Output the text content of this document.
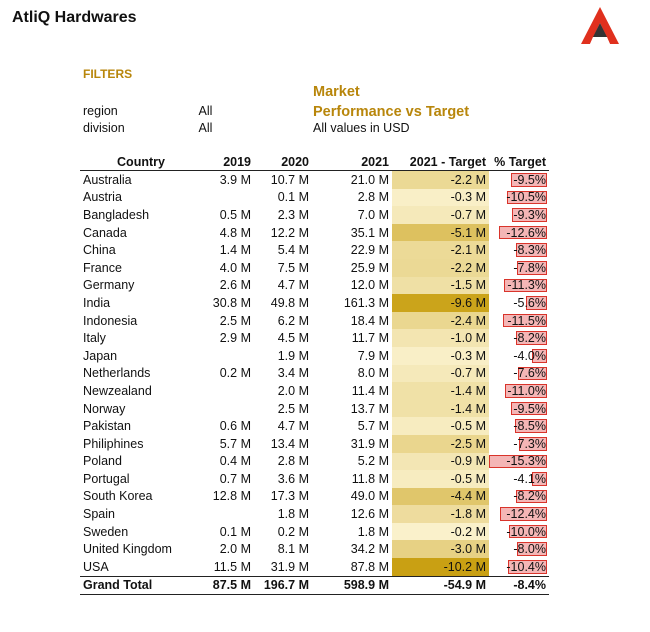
AtliQ Hardwares
FILTERS
region	All
division	All
Market
Performance vs Target
All values in USD
Country	2019	2020	2021	2021 - Target	% Target
Australia	3.9 M	10.7 M	21.0 M	-2.2 M	-9.5%
Austria		0.1 M	2.8 M	-0.3 M	-10.5%
Bangladesh	0.5 M	2.3 M	7.0 M	-0.7 M	-9.3%
Canada	4.8 M	12.2 M	35.1 M	-5.1 M	-12.6%
China	1.4 M	5.4 M	22.9 M	-2.1 M	-8.3%
France	4.0 M	7.5 M	25.9 M	-2.2 M	-7.8%
Germany	2.6 M	4.7 M	12.0 M	-1.5 M	-11.3%
India	30.8 M	49.8 M	161.3 M	-9.6 M	-5.6%
Indonesia	2.5 M	6.2 M	18.4 M	-2.4 M	-11.5%
Italy	2.9 M	4.5 M	11.7 M	-1.0 M	-8.2%
Japan		1.9 M	7.9 M	-0.3 M	-4.0%
Netherlands	0.2 M	3.4 M	8.0 M	-0.7 M	-7.6%
Newzealand		2.0 M	11.4 M	-1.4 M	-11.0%
Norway		2.5 M	13.7 M	-1.4 M	-9.5%
Pakistan	0.6 M	4.7 M	5.7 M	-0.5 M	-8.5%
Philiphines	5.7 M	13.4 M	31.9 M	-2.5 M	-7.3%
Poland	0.4 M	2.8 M	5.2 M	-0.9 M	-15.3%
Portugal	0.7 M	3.6 M	11.8 M	-0.5 M	-4.1%
South Korea	12.8 M	17.3 M	49.0 M	-4.4 M	-8.2%
Spain		1.8 M	12.6 M	-1.8 M	-12.4%
Sweden	0.1 M	0.2 M	1.8 M	-0.2 M	-10.0%
United Kingdom	2.0 M	8.1 M	34.2 M	-3.0 M	-8.0%
USA	11.5 M	31.9 M	87.8 M	-10.2 M	-10.4%
Grand Total	87.5 M	196.7 M	598.9 M	-54.9 M	-8.4%
